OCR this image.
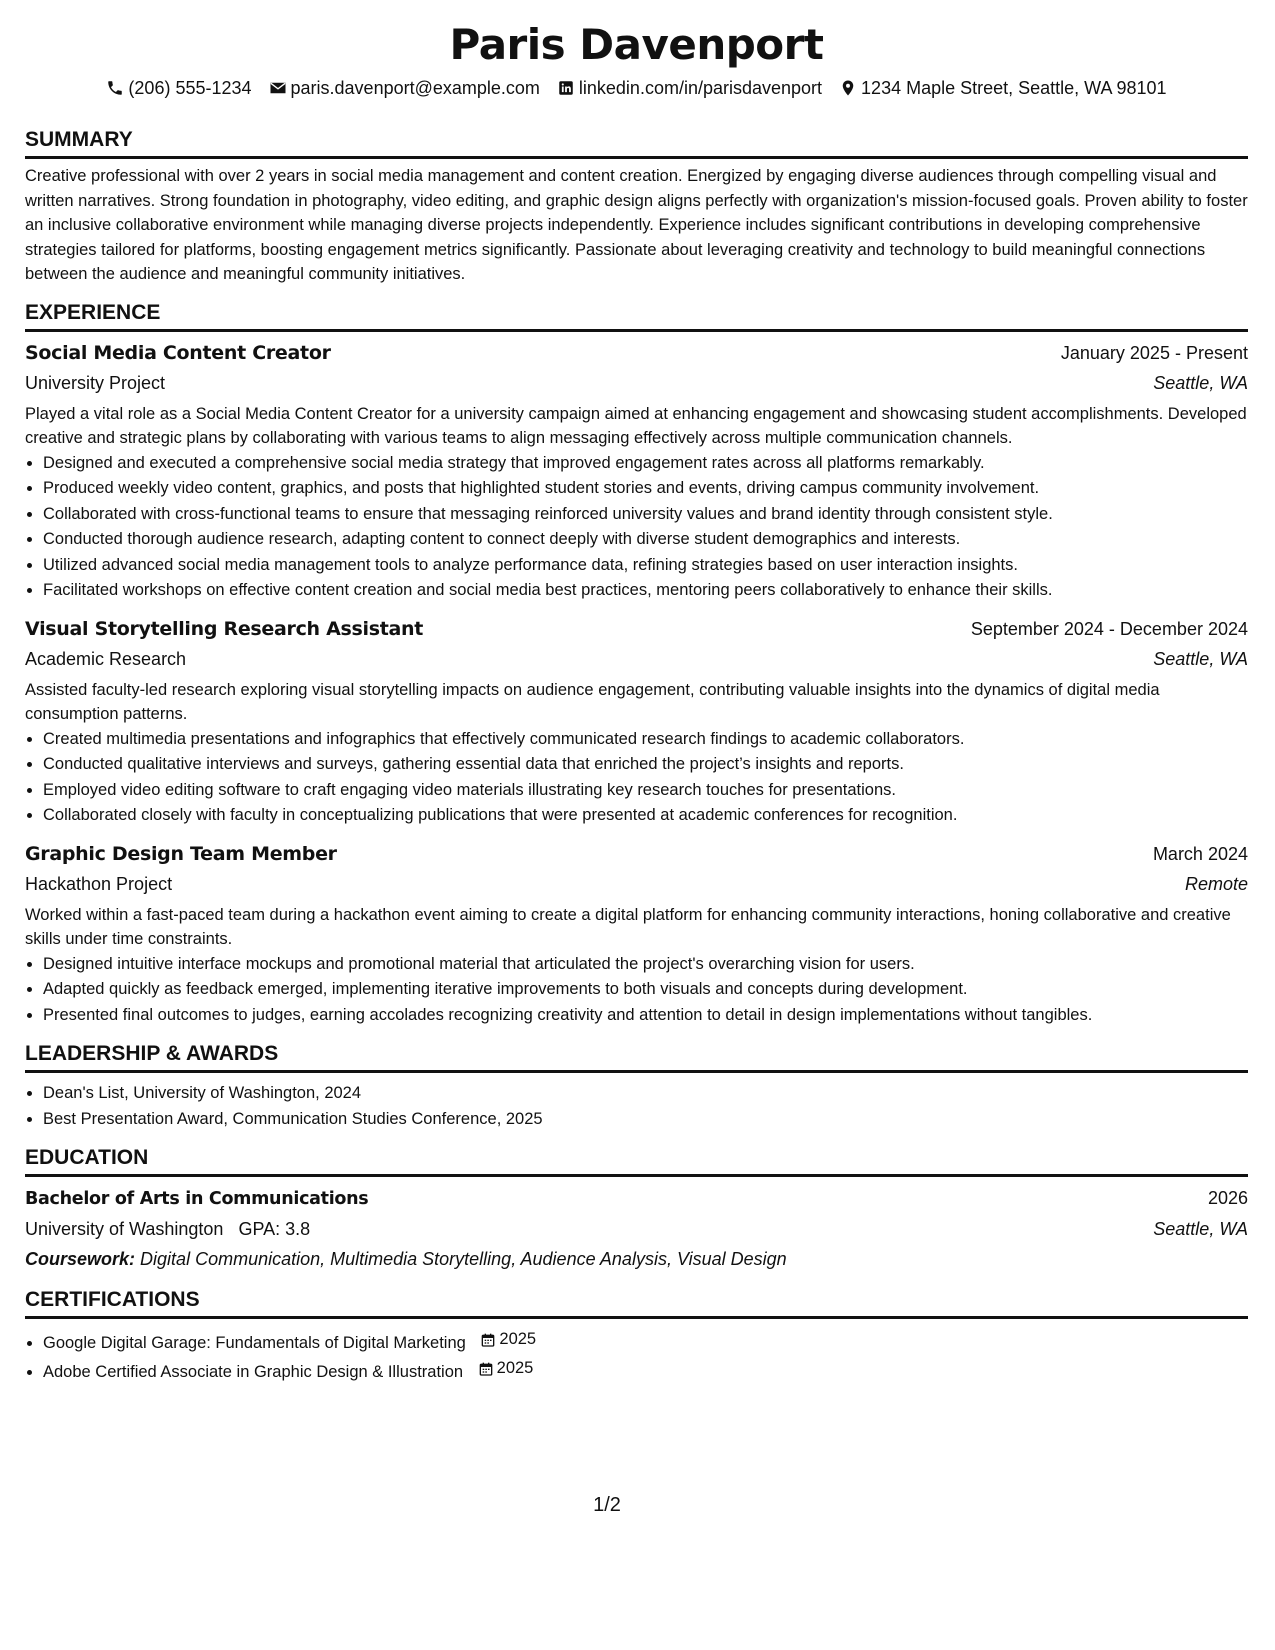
Paris Davenport
(206) 555-1234 paris.davenport@example.com linkedin.com/in/parisdavenport 1234 Maple Street, Seattle, WA 98101
SUMMARY
Creative professional with over 2 years in social media management and content creation. Energized by engaging diverse audiences through compelling visual and written narratives. Strong foundation in photography, video editing, and graphic design aligns perfectly with organization's mission-focused goals. Proven ability to foster an inclusive collaborative environment while managing diverse projects independently. Experience includes significant contributions in developing comprehensive strategies tailored for platforms, boosting engagement metrics significantly. Passionate about leveraging creativity and technology to build meaningful connections between the audience and meaningful community initiatives.
EXPERIENCE
Social Media Content Creator	January 2025 - Present
University Project	Seattle, WA
Played a vital role as a Social Media Content Creator for a university campaign aimed at enhancing engagement and showcasing student accomplishments. Developed creative and strategic plans by collaborating with various teams to align messaging effectively across multiple communication channels.
• Designed and executed a comprehensive social media strategy that improved engagement rates across all platforms remarkably.
• Produced weekly video content, graphics, and posts that highlighted student stories and events, driving campus community involvement.
• Collaborated with cross-functional teams to ensure that messaging reinforced university values and brand identity through consistent style.
• Conducted thorough audience research, adapting content to connect deeply with diverse student demographics and interests.
• Utilized advanced social media management tools to analyze performance data, refining strategies based on user interaction insights.
• Facilitated workshops on effective content creation and social media best practices, mentoring peers collaboratively to enhance their skills.
Visual Storytelling Research Assistant	September 2024 - December 2024
Academic Research	Seattle, WA
Assisted faculty-led research exploring visual storytelling impacts on audience engagement, contributing valuable insights into the dynamics of digital media consumption patterns.
• Created multimedia presentations and infographics that effectively communicated research findings to academic collaborators.
• Conducted qualitative interviews and surveys, gathering essential data that enriched the project’s insights and reports.
• Employed video editing software to craft engaging video materials illustrating key research touches for presentations.
• Collaborated closely with faculty in conceptualizing publications that were presented at academic conferences for recognition.
Graphic Design Team Member	March 2024
Hackathon Project	Remote
Worked within a fast-paced team during a hackathon event aiming to create a digital platform for enhancing community interactions, honing collaborative and creative skills under time constraints.
• Designed intuitive interface mockups and promotional material that articulated the project's overarching vision for users.
• Adapted quickly as feedback emerged, implementing iterative improvements to both visuals and concepts during development.
• Presented final outcomes to judges, earning accolades recognizing creativity and attention to detail in design implementations without tangibles.
LEADERSHIP & AWARDS
• Dean's List, University of Washington, 2024
• Best Presentation Award, Communication Studies Conference, 2025
EDUCATION
Bachelor of Arts in Communications	2026
University of Washington GPA: 3.8	Seattle, WA
Coursework: Digital Communication, Multimedia Storytelling, Audience Analysis, Visual Design
CERTIFICATIONS
• Google Digital Garage: Fundamentals of Digital Marketing 2025
• Adobe Certified Associate in Graphic Design & Illustration 2025
1/2
